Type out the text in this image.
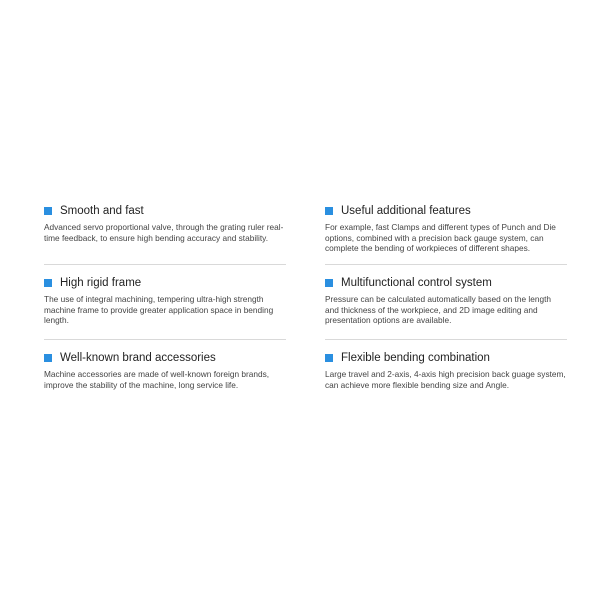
Smooth and fast

Advanced servo proportional valve, through the grating ruler real-time feedback, to ensure high bending accuracy and stability.

Useful additional features

For example, fast Clamps and different types of Punch and Die options, combined with a precision back gauge system, can complete the bending of workpieces of different shapes.

High rigid frame

The use of integral machining, tempering ultra-high strength machine frame to provide greater application space in bending length.

Multifunctional control system

Pressure can be calculated automatically based on the length and thickness of the workpiece, and 2D image editing and presentation options are available.

Well-known brand accessories

Machine accessories are made of well-known foreign brands, improve the stability of the machine, long service life.

Flexible bending combination

Large travel and 2-axis, 4-axis high precision back guage system, can achieve more flexible bending size and Angle.
